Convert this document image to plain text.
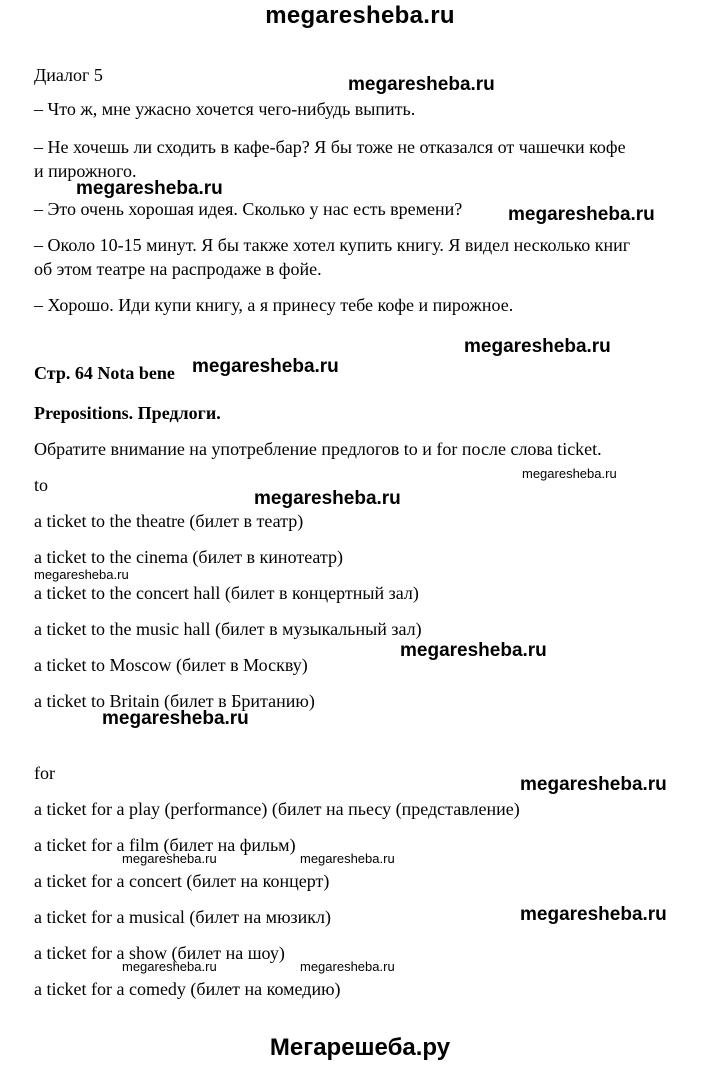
megaresheba.ru
Диалог 5
– Что ж, мне ужасно хочется чего-нибудь выпить.
– Не хочешь ли сходить в кафе-бар? Я бы тоже не отказался от чашечки кофе
и пирожного.
– Это очень хорошая идея. Сколько у нас есть времени?
– Около 10-15 минут. Я бы также хотел купить книгу. Я видел несколько книг
об этом театре на распродаже в фойе.
– Хорошо. Иди купи книгу, а я принесу тебе кофе и пирожное.
Стр. 64 Nota bene
Prepositions. Предлоги.
Обратите внимание на употребление предлогов to и for после слова ticket.
to
a ticket to the theatre (билет в театр)
a ticket to the cinema (билет в кинотеатр)
a ticket to the concert hall (билет в концертный зал)
a ticket to the music hall (билет в музыкальный зал)
a ticket to Moscow (билет в Москву)
a ticket to Britain (билет в Британию)
for
a ticket for a play (performance) (билет на пьесу (представление)
a ticket for a film (билет на фильм)
a ticket for a concert (билет на концерт)
a ticket for a musical (билет на мюзикл)
a ticket for a show (билет на шоу)
a ticket for a comedy (билет на комедию)
megaresheba.ru
megaresheba.ru
megaresheba.ru
megaresheba.ru
megaresheba.ru
megaresheba.ru
megaresheba.ru
megaresheba.ru
megaresheba.ru
megaresheba.ru
megaresheba.ru
megaresheba.ru	megaresheba.ru
megaresheba.ru
megaresheba.ru	megaresheba.ru
Мегарешеба.ру
